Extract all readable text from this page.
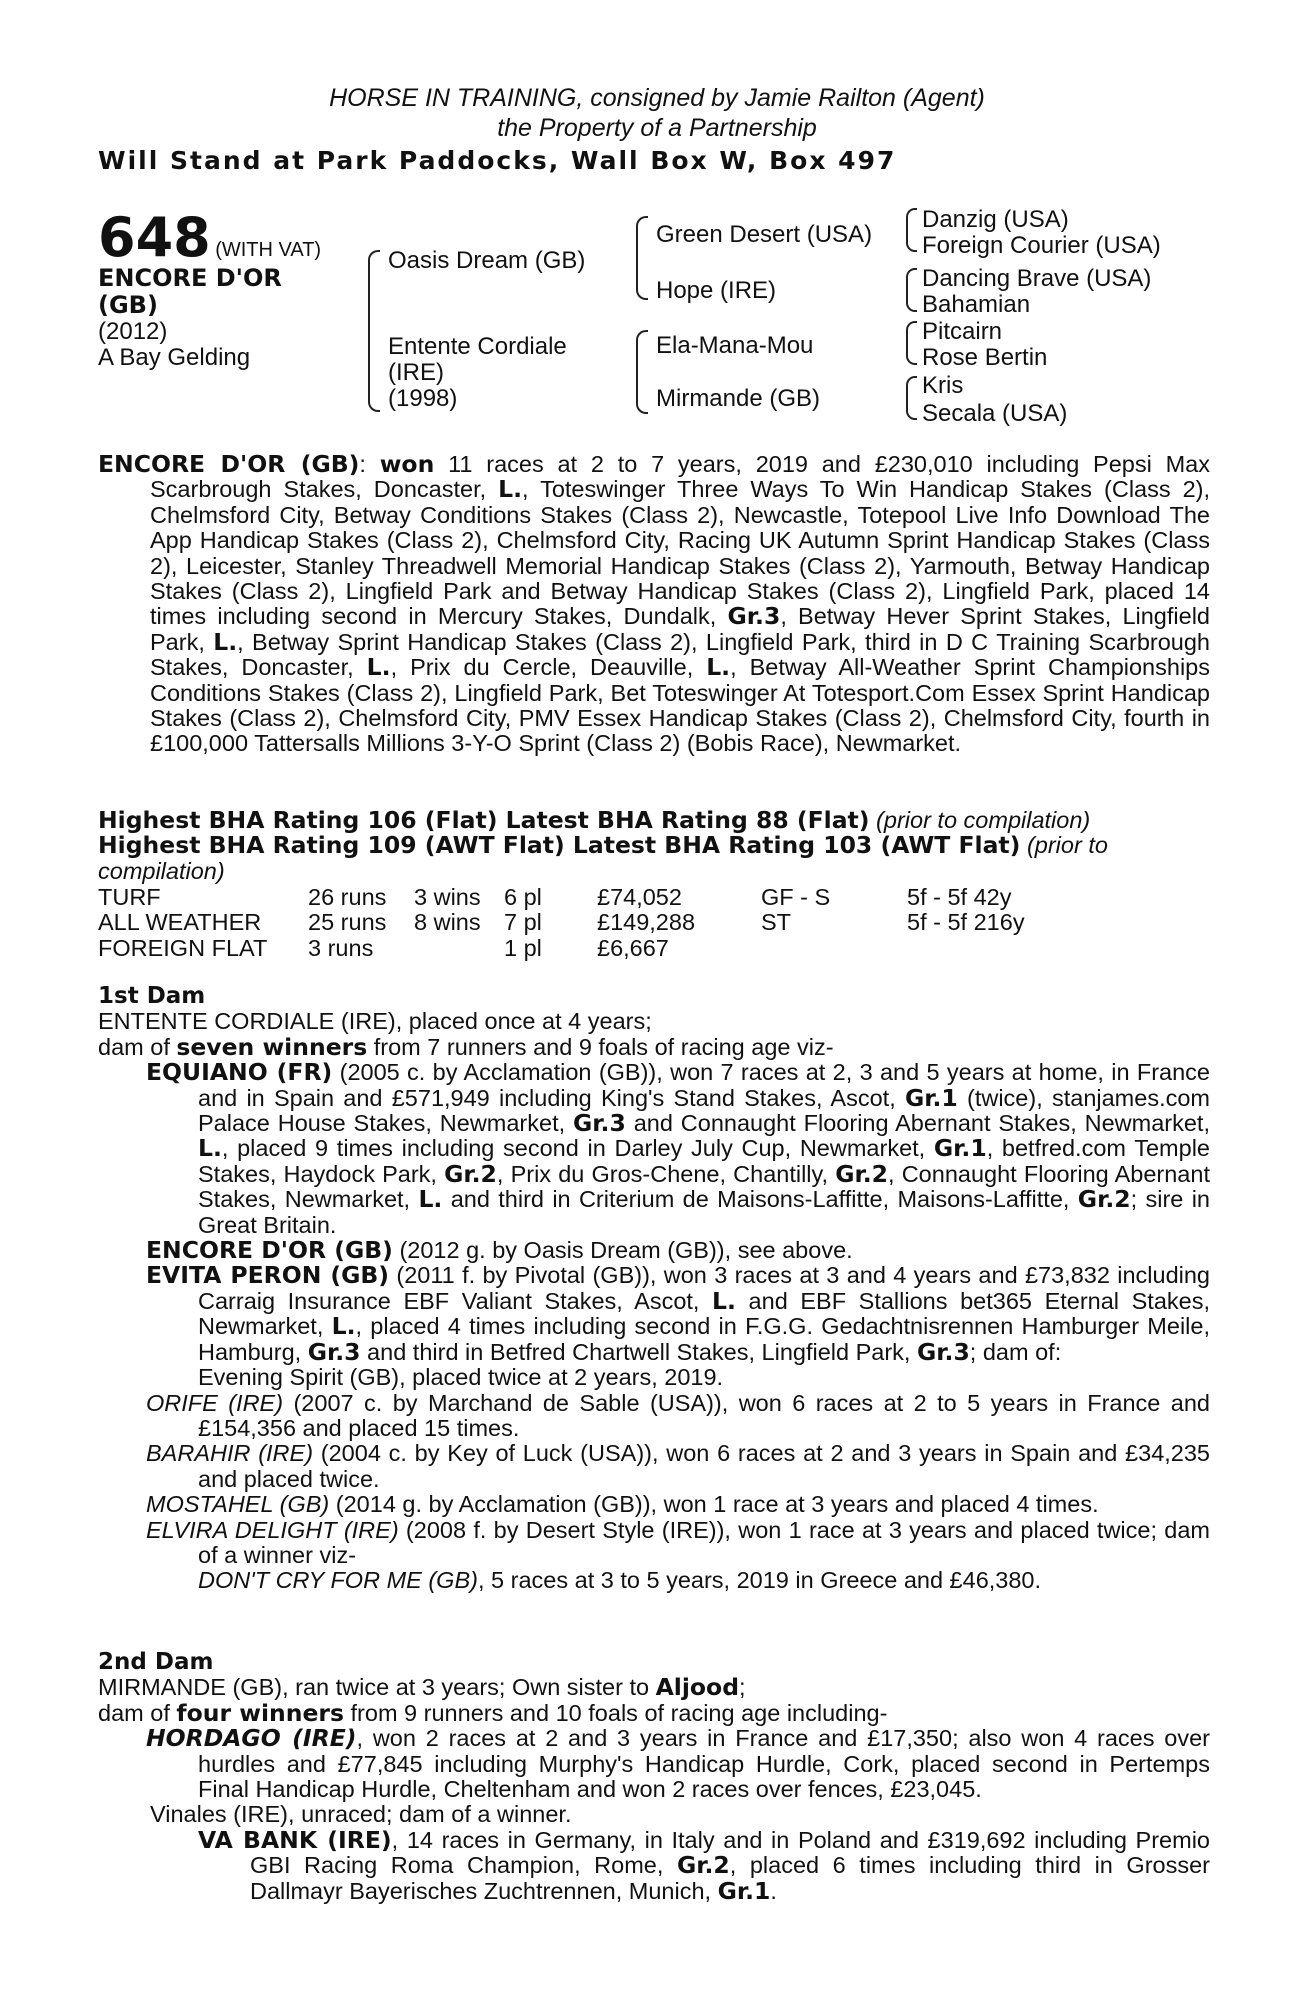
HORSE IN TRAINING, consigned by Jamie Railton (Agent)
the Property of a Partnership
Will Stand at Park Paddocks, Wall Box W, Box 497
648 (WITH VAT)
ENCORE D'OR
(GB)
(2012)
A Bay Gelding
Oasis Dream (GB)
Entente Cordiale
(IRE)
(1998)
Green Desert (USA)
Hope (IRE)
Ela-Mana-Mou
Mirmande (GB)
Danzig (USA)
Foreign Courier (USA)
Dancing Brave (USA)
Bahamian
Pitcairn
Rose Bertin
Kris
Secala (USA)

ENCORE D'OR (GB): won 11 races at 2 to 7 years, 2019 and £230,010 including Pepsi Max Scarbrough Stakes, Doncaster, L., Toteswinger Three Ways To Win Handicap Stakes (Class 2), Chelmsford City, Betway Conditions Stakes (Class 2), Newcastle, Totepool Live Info Download The App Handicap Stakes (Class 2), Chelmsford City, Racing UK Autumn Sprint Handicap Stakes (Class 2), Leicester, Stanley Threadwell Memorial Handicap Stakes (Class 2), Yarmouth, Betway Handicap Stakes (Class 2), Lingfield Park and Betway Handicap Stakes (Class 2), Lingfield Park, placed 14 times including second in Mercury Stakes, Dundalk, Gr.3, Betway Hever Sprint Stakes, Lingfield Park, L., Betway Sprint Handicap Stakes (Class 2), Lingfield Park, third in D C Training Scarbrough Stakes, Doncaster, L., Prix du Cercle, Deauville, L., Betway All-Weather Sprint Championships Conditions Stakes (Class 2), Lingfield Park, Bet Toteswinger At Totesport.Com Essex Sprint Handicap Stakes (Class 2), Chelmsford City, PMV Essex Handicap Stakes (Class 2), Chelmsford City, fourth in £100,000 Tattersalls Millions 3-Y-O Sprint (Class 2) (Bobis Race), Newmarket.

Highest BHA Rating 106 (Flat) Latest BHA Rating 88 (Flat) (prior to compilation)

Highest BHA Rating 109 (AWT Flat) Latest BHA Rating 103 (AWT Flat) (prior to compilation)

TURF	26 runs	3 wins	6 pl	£74,052	GF - S	5f - 5f 42y
ALL WEATHER	25 runs	8 wins	7 pl	£149,288	ST	5f - 5f 216y
FOREIGN FLAT	3 runs		1 pl	£6,667		

1st Dam

ENTENTE CORDIALE (IRE), placed once at 4 years;

dam of seven winners from 7 runners and 9 foals of racing age viz-

EQUIANO (FR) (2005 c. by Acclamation (GB)), won 7 races at 2, 3 and 5 years at home, in France and in Spain and £571,949 including King's Stand Stakes, Ascot, Gr.1 (twice), stanjames.com Palace House Stakes, Newmarket, Gr.3 and Connaught Flooring Abernant Stakes, Newmarket, L., placed 9 times including second in Darley July Cup, Newmarket, Gr.1, betfred.com Temple Stakes, Haydock Park, Gr.2, Prix du Gros-Chene, Chantilly, Gr.2, Connaught Flooring Abernant Stakes, Newmarket, L. and third in Criterium de Maisons-Laffitte, Maisons-Laffitte, Gr.2; sire in Great Britain.

ENCORE D'OR (GB) (2012 g. by Oasis Dream (GB)), see above.

EVITA PERON (GB) (2011 f. by Pivotal (GB)), won 3 races at 3 and 4 years and £73,832 including Carraig Insurance EBF Valiant Stakes, Ascot, L. and EBF Stallions bet365 Eternal Stakes, Newmarket, L., placed 4 times including second in F.G.G. Gedachtnisrennen Hamburger Meile, Hamburg, Gr.3 and third in Betfred Chartwell Stakes, Lingfield Park, Gr.3; dam of:

Evening Spirit (GB), placed twice at 2 years, 2019.

ORIFE (IRE) (2007 c. by Marchand de Sable (USA)), won 6 races at 2 to 5 years in France and £154,356 and placed 15 times.

BARAHIR (IRE) (2004 c. by Key of Luck (USA)), won 6 races at 2 and 3 years in Spain and £34,235 and placed twice.

MOSTAHEL (GB) (2014 g. by Acclamation (GB)), won 1 race at 3 years and placed 4 times.

ELVIRA DELIGHT (IRE) (2008 f. by Desert Style (IRE)), won 1 race at 3 years and placed twice; dam of a winner viz-

DON'T CRY FOR ME (GB), 5 races at 3 to 5 years, 2019 in Greece and £46,380.

2nd Dam

MIRMANDE (GB), ran twice at 3 years; Own sister to Aljood;

dam of four winners from 9 runners and 10 foals of racing age including-

HORDAGO (IRE), won 2 races at 2 and 3 years in France and £17,350; also won 4 races over hurdles and £77,845 including Murphy's Handicap Hurdle, Cork, placed second in Pertemps Final Handicap Hurdle, Cheltenham and won 2 races over fences, £23,045.

Vinales (IRE), unraced; dam of a winner.

VA BANK (IRE), 14 races in Germany, in Italy and in Poland and £319,692 including Premio GBI Racing Roma Champion, Rome, Gr.2, placed 6 times including third in Grosser Dallmayr Bayerisches Zuchtrennen, Munich, Gr.1.
